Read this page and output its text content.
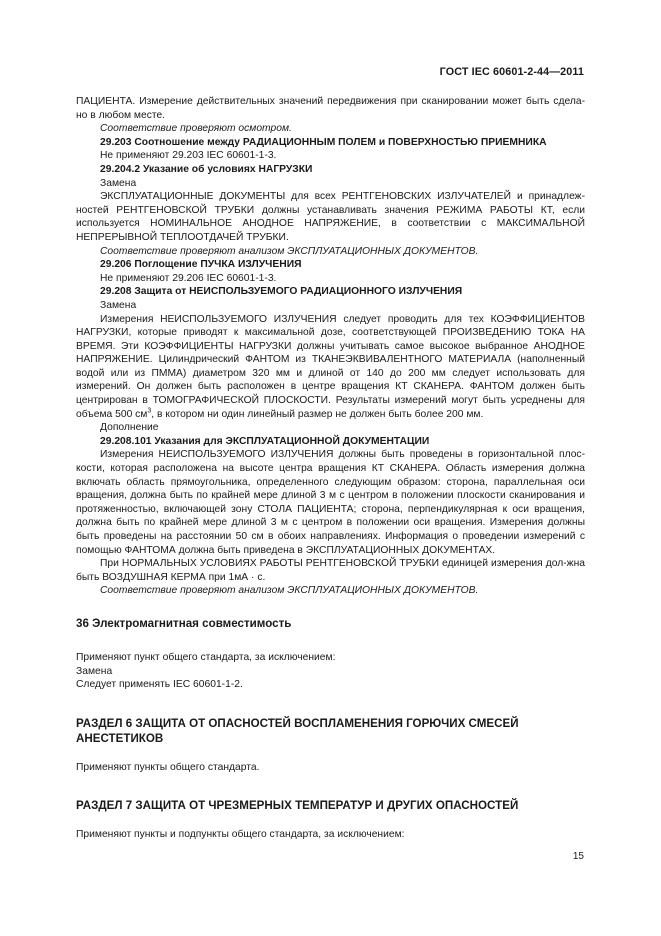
ГОСТ IEC 60601-2-44—2011

ПАЦИЕНТА. Измерение действительных значений передвижения при сканировании может быть сдела-но в любом месте.

Соответствие проверяют осмотром.

29.203 Соотношение между РАДИАЦИОННЫМ ПОЛЕМ и ПОВЕРХНОСТЬЮ ПРИЕМНИКА

Не применяют 29.203 IEC 60601-1-3.

29.204.2 Указание об условиях НАГРУЗКИ

Замена

ЭКСПЛУАТАЦИОННЫЕ ДОКУМЕНТЫ для всех РЕНТГЕНОВСКИХ ИЗЛУЧАТЕЛЕЙ и принадлеж-ностей РЕНТГЕНОВСКОЙ ТРУБКИ должны устанавливать значения РЕЖИМА РАБОТЫ КТ, если используется НОМИНАЛЬНОЕ АНОДНОЕ НАПРЯЖЕНИЕ, в соответствии с МАКСИМАЛЬНОЙ НЕПРЕРЫВНОЙ ТЕПЛООТДАЧЕЙ ТРУБКИ.

Соответствие проверяют анализом ЭКСПЛУАТАЦИОННЫХ ДОКУМЕНТОВ.

29.206 Поглощение ПУЧКА ИЗЛУЧЕНИЯ

Не применяют 29.206 IEC 60601-1-3.

29.208 Защита от НЕИСПОЛЬЗУЕМОГО РАДИАЦИОННОГО ИЗЛУЧЕНИЯ

Замена

Измерения НЕИСПОЛЬЗУЕМОГО ИЗЛУЧЕНИЯ следует проводить для тех КОЭФФИЦИЕНТОВ НАГРУЗКИ, которые приводят к максимальной дозе, соответствующей ПРОИЗВЕДЕНИЮ ТОКА НА ВРЕМЯ. Эти КОЭФФИЦИЕНТЫ НАГРУЗКИ должны учитывать самое высокое выбранное АНОДНОЕ НАПРЯЖЕНИЕ. Цилиндрический ФАНТОМ из ТКАНЕЭКВИВАЛЕНТНОГО МАТЕРИАЛА (наполненный водой или из ПММА) диаметром 320 мм и длиной от 140 до 200 мм следует использовать для измерений. Он должен быть расположен в центре вращения КТ СКАНЕРА. ФАНТОМ должен быть центрирован в ТОМОГРАФИЧЕСКОЙ ПЛОСКОСТИ. Результаты измерений могут быть усреднены для объема 500 $см^3$, в котором ни один линейный размер не должен быть более 200 мм.

Дополнение

29.208.101 Указания для ЭКСПЛУАТАЦИОННОЙ ДОКУМЕНТАЦИИ

Измерения НЕИСПОЛЬЗУЕМОГО ИЗЛУЧЕНИЯ должны быть проведены в горизонтальной плос-кости, которая расположена на высоте центра вращения КТ СКАНЕРА. Область измерения должна включать область прямоугольника, определенного следующим образом: сторона, параллельная оси вращения, должна быть по крайней мере длиной 3 м с центром в положении плоскости сканирования и протяженностью, включающей зону СТОЛА ПАЦИЕНТА; сторона, перпендикулярная к оси вращения, должна быть по крайней мере длиной 3 м с центром в положении оси вращения. Измерения должны быть проведены на расстоянии 50 см в обоих направлениях. Информация о проведении измерений с помощью ФАНТОМА должна быть приведена в ЭКСПЛУАТАЦИОННЫХ ДОКУМЕНТАХ.

При НОРМАЛЬНЫХ УСЛОВИЯХ РАБОТЫ РЕНТГЕНОВСКОЙ ТРУБКИ единицей измерения дол-жна быть ВОЗДУШНАЯ КЕРМА при 1мА · с.

Соответствие проверяют анализом ЭКСПЛУАТАЦИОННЫХ ДОКУМЕНТОВ.

36 Электромагнитная совместимость

Применяют пункт общего стандарта, за исключением:

Замена

Следует применять IEC 60601-1-2.

РАЗДЕЛ 6 ЗАЩИТА ОТ ОПАСНОСТЕЙ ВОСПЛАМЕНЕНИЯ ГОРЮЧИХ СМЕСЕЙ АНЕСТЕТИКОВ

Применяют пункты общего стандарта.

РАЗДЕЛ 7 ЗАЩИТА ОТ ЧРЕЗМЕРНЫХ ТЕМПЕРАТУР И ДРУГИХ ОПАСНОСТЕЙ

Применяют пункты и подпункты общего стандарта, за исключением:

15
